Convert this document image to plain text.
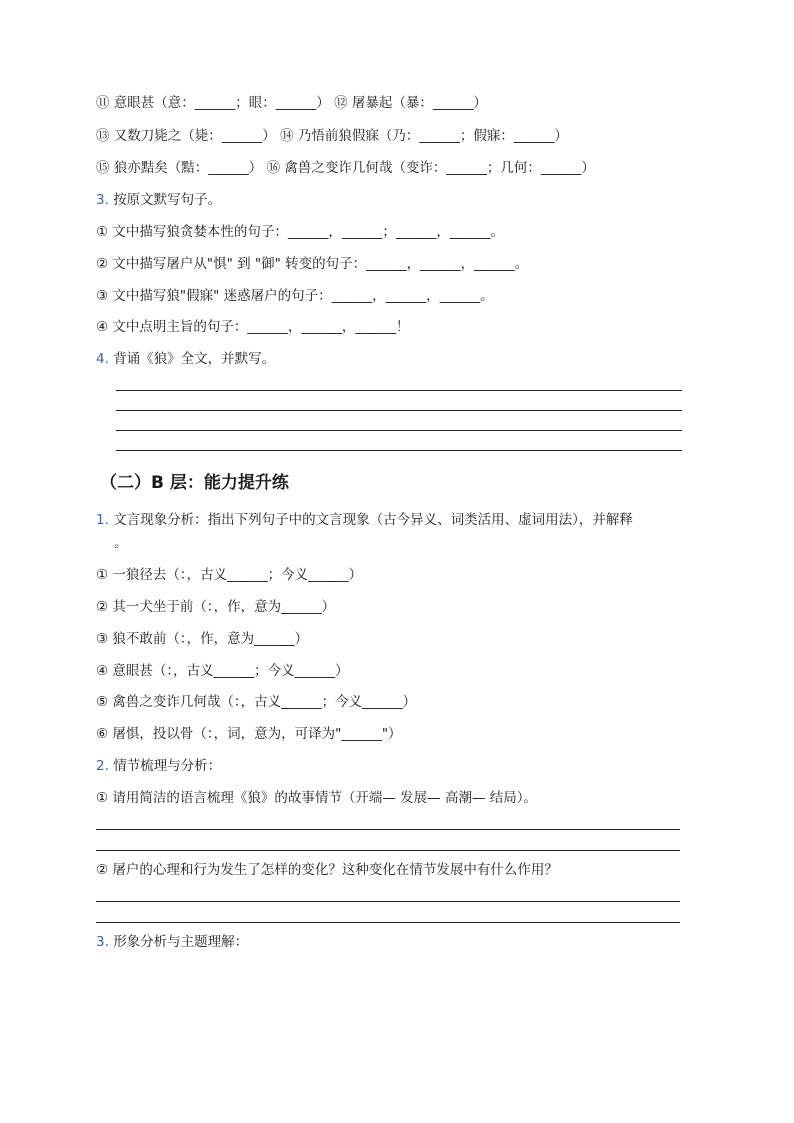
⑪ 意眼甚（意：______；眼：______） ⑫ 屠暴起（暴：______）
⑬ 又数刀毙之（毙：______） ⑭ 乃悟前狼假寐（乃：______；假寐：______）
⑮ 狼亦黠矣（黠：______） ⑯ 禽兽之变诈几何哉（变诈：______；几何：______）
3. 按原文默写句子。
① 文中描写狼贪婪本性的句子：______，______；______，______。
② 文中描写屠户从"惧" 到 "御" 转变的句子：______，______，______。
③ 文中描写狼"假寐" 迷惑屠户的句子：______，______，______。
④ 文中点明主旨的句子：______，______，______！
4. 背诵《狼》全文，并默写。
（二）B 层：能力提升练
1. 文言现象分析：指出下列句子中的文言现象（古今异义、词类活用、虚词用法），并解释
。
① 一狼径去（：，古义______；今义______）
② 其一犬坐于前（：，作，意为______）
③ 狼不敢前（：，作，意为______）
④ 意眼甚（：，古义______；今义______）
⑤ 禽兽之变诈几何哉（：，古义______；今义______）
⑥ 屠惧，投以骨（：，词，意为，可译为"______"）
2. 情节梳理与分析：
① 请用简洁的语言梳理《狼》的故事情节（开端— 发展— 高潮— 结局）。
② 屠户的心理和行为发生了怎样的变化？这种变化在情节发展中有什么作用？
3. 形象分析与主题理解：
